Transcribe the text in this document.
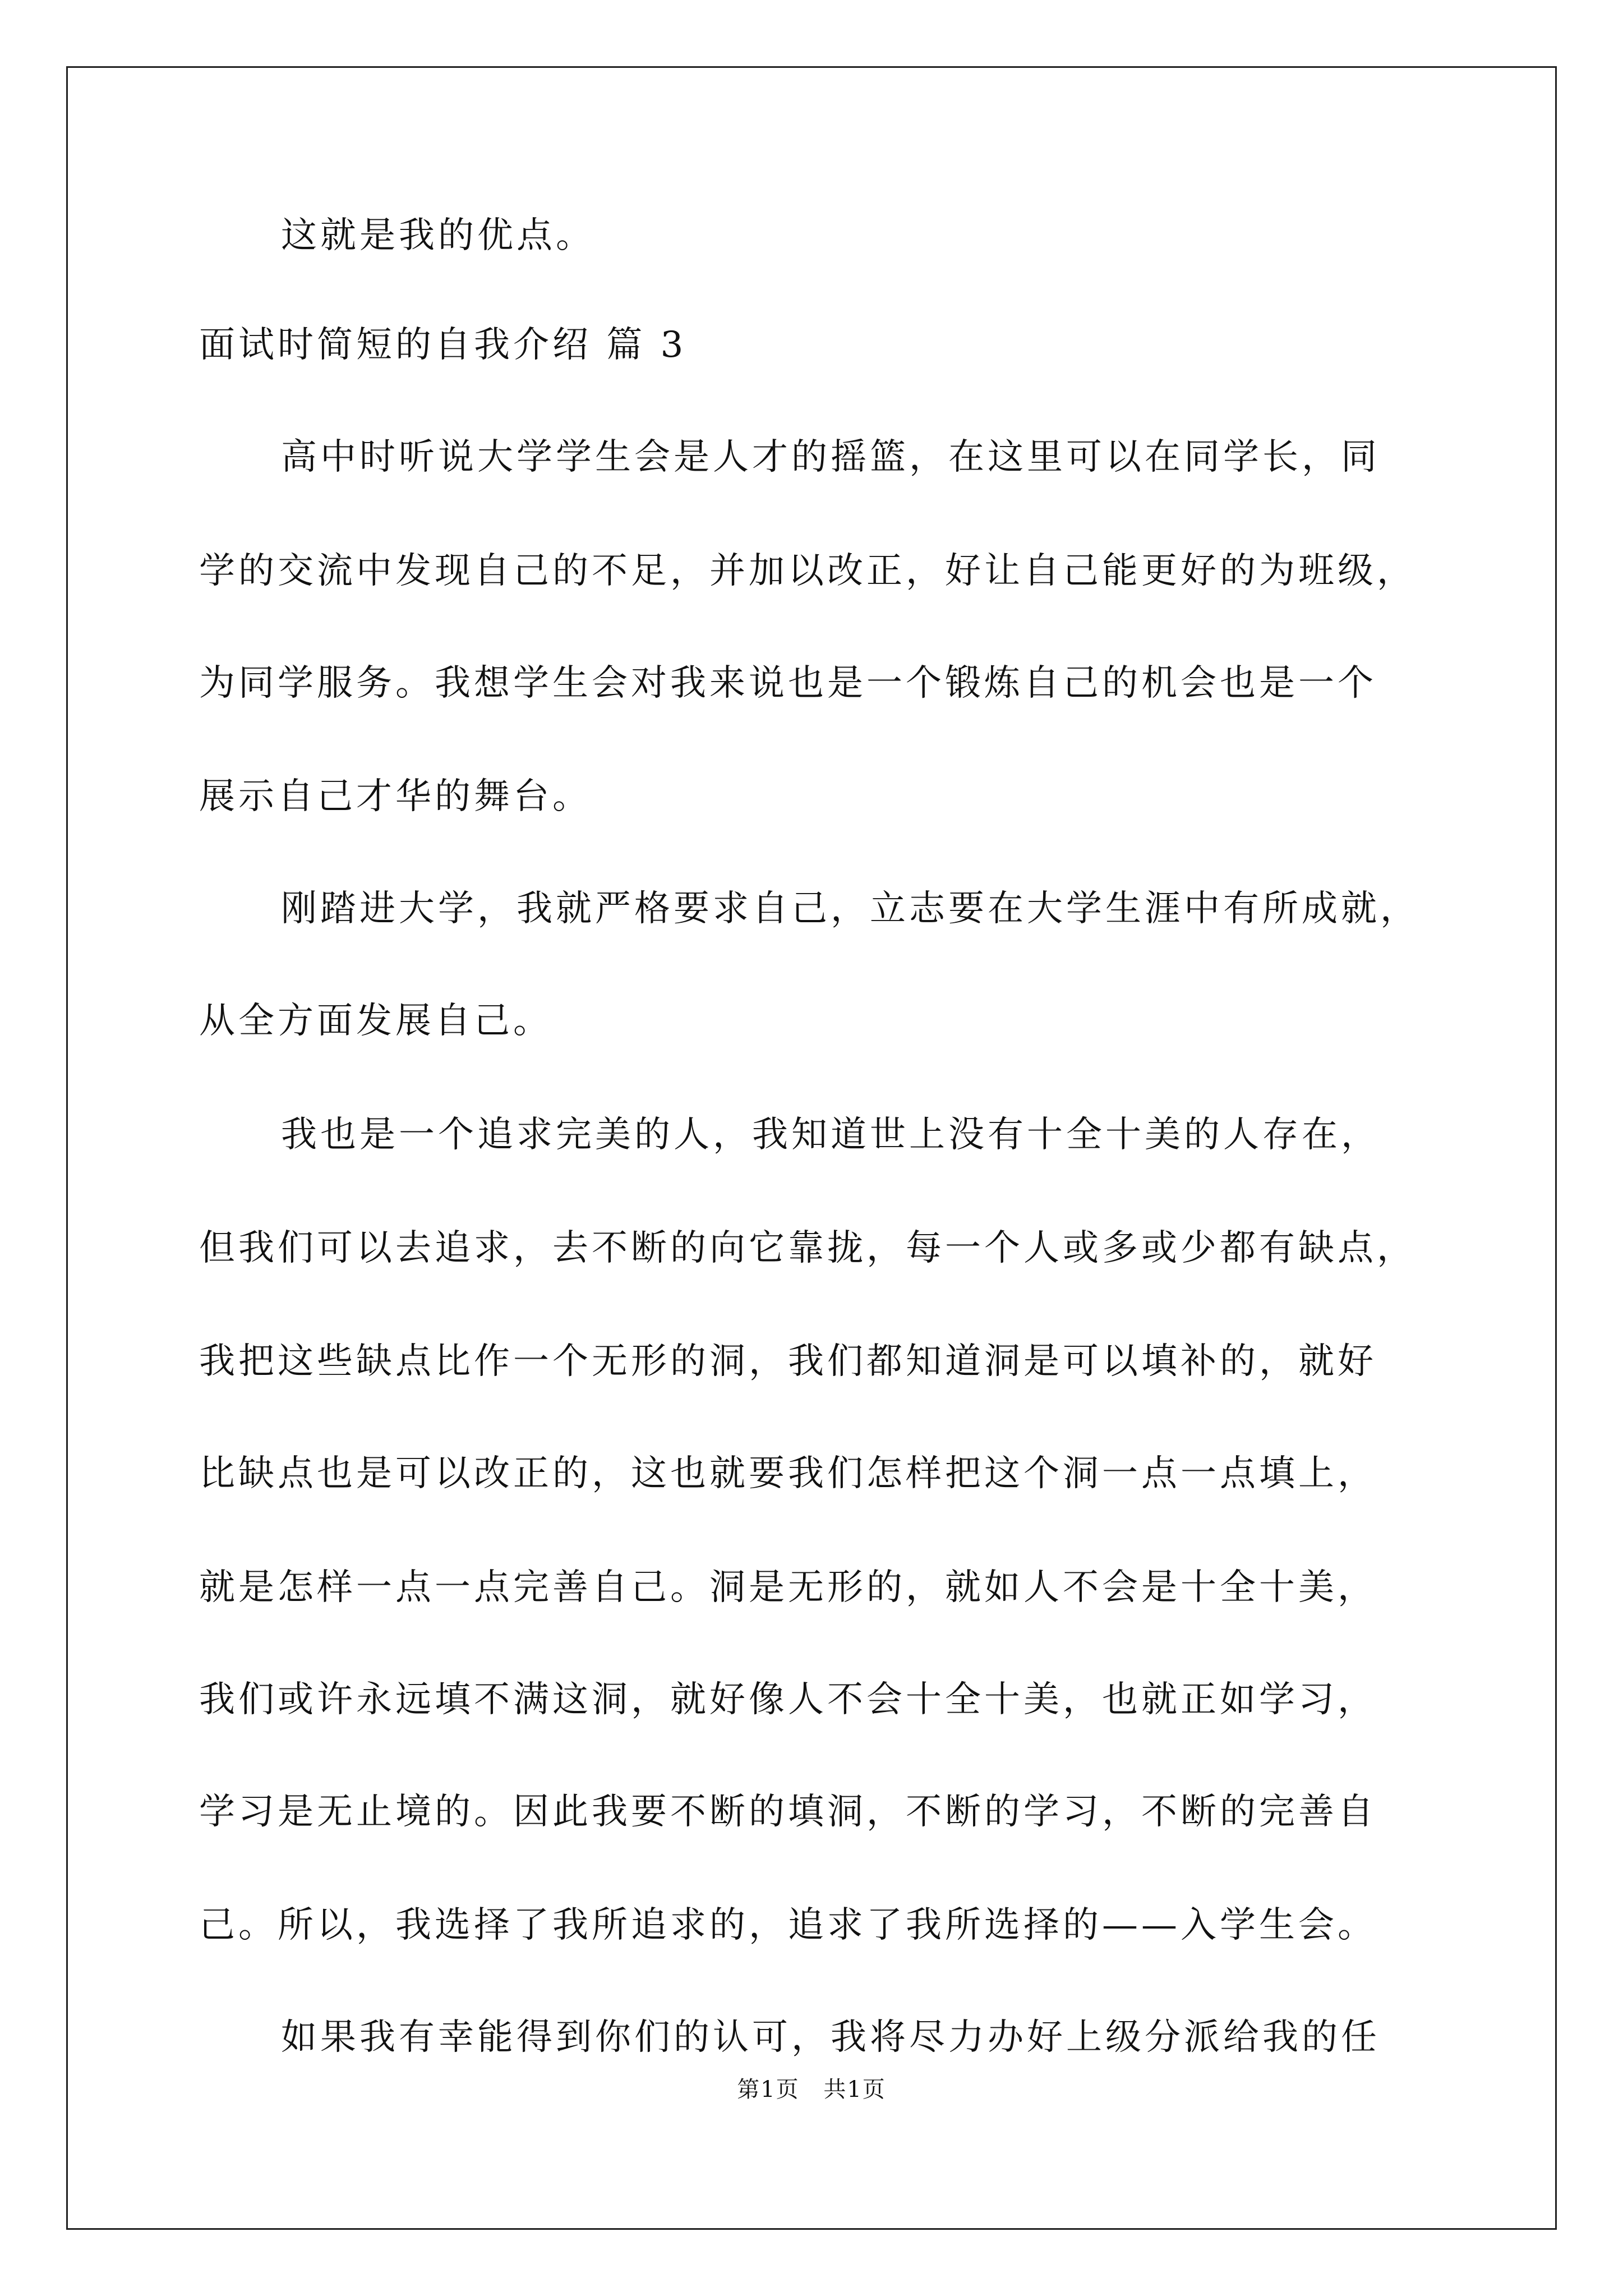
这就是我的优点。
面试时简短的自我介绍 篇 3
高中时听说大学学生会是人才的摇篮，在这里可以在同学长，同
学的交流中发现自己的不足，并加以改正，好让自己能更好的为班级，
为同学服务。我想学生会对我来说也是一个锻炼自己的机会也是一个
展示自己才华的舞台。
刚踏进大学，我就严格要求自己，立志要在大学生涯中有所成就，
从全方面发展自己。
我也是一个追求完美的人，我知道世上没有十全十美的人存在，
但我们可以去追求，去不断的向它靠拢，每一个人或多或少都有缺点，
我把这些缺点比作一个无形的洞，我们都知道洞是可以填补的，就好
比缺点也是可以改正的，这也就要我们怎样把这个洞一点一点填上，
就是怎样一点一点完善自己。洞是无形的，就如人不会是十全十美，
我们或许永远填不满这洞，就好像人不会十全十美，也就正如学习，
学习是无止境的。因此我要不断的填洞，不断的学习，不断的完善自
己。所以，我选择了我所追求的，追求了我所选择的——入学生会。
如果我有幸能得到你们的认可，我将尽力办好上级分派给我的任
第1页 共1页
